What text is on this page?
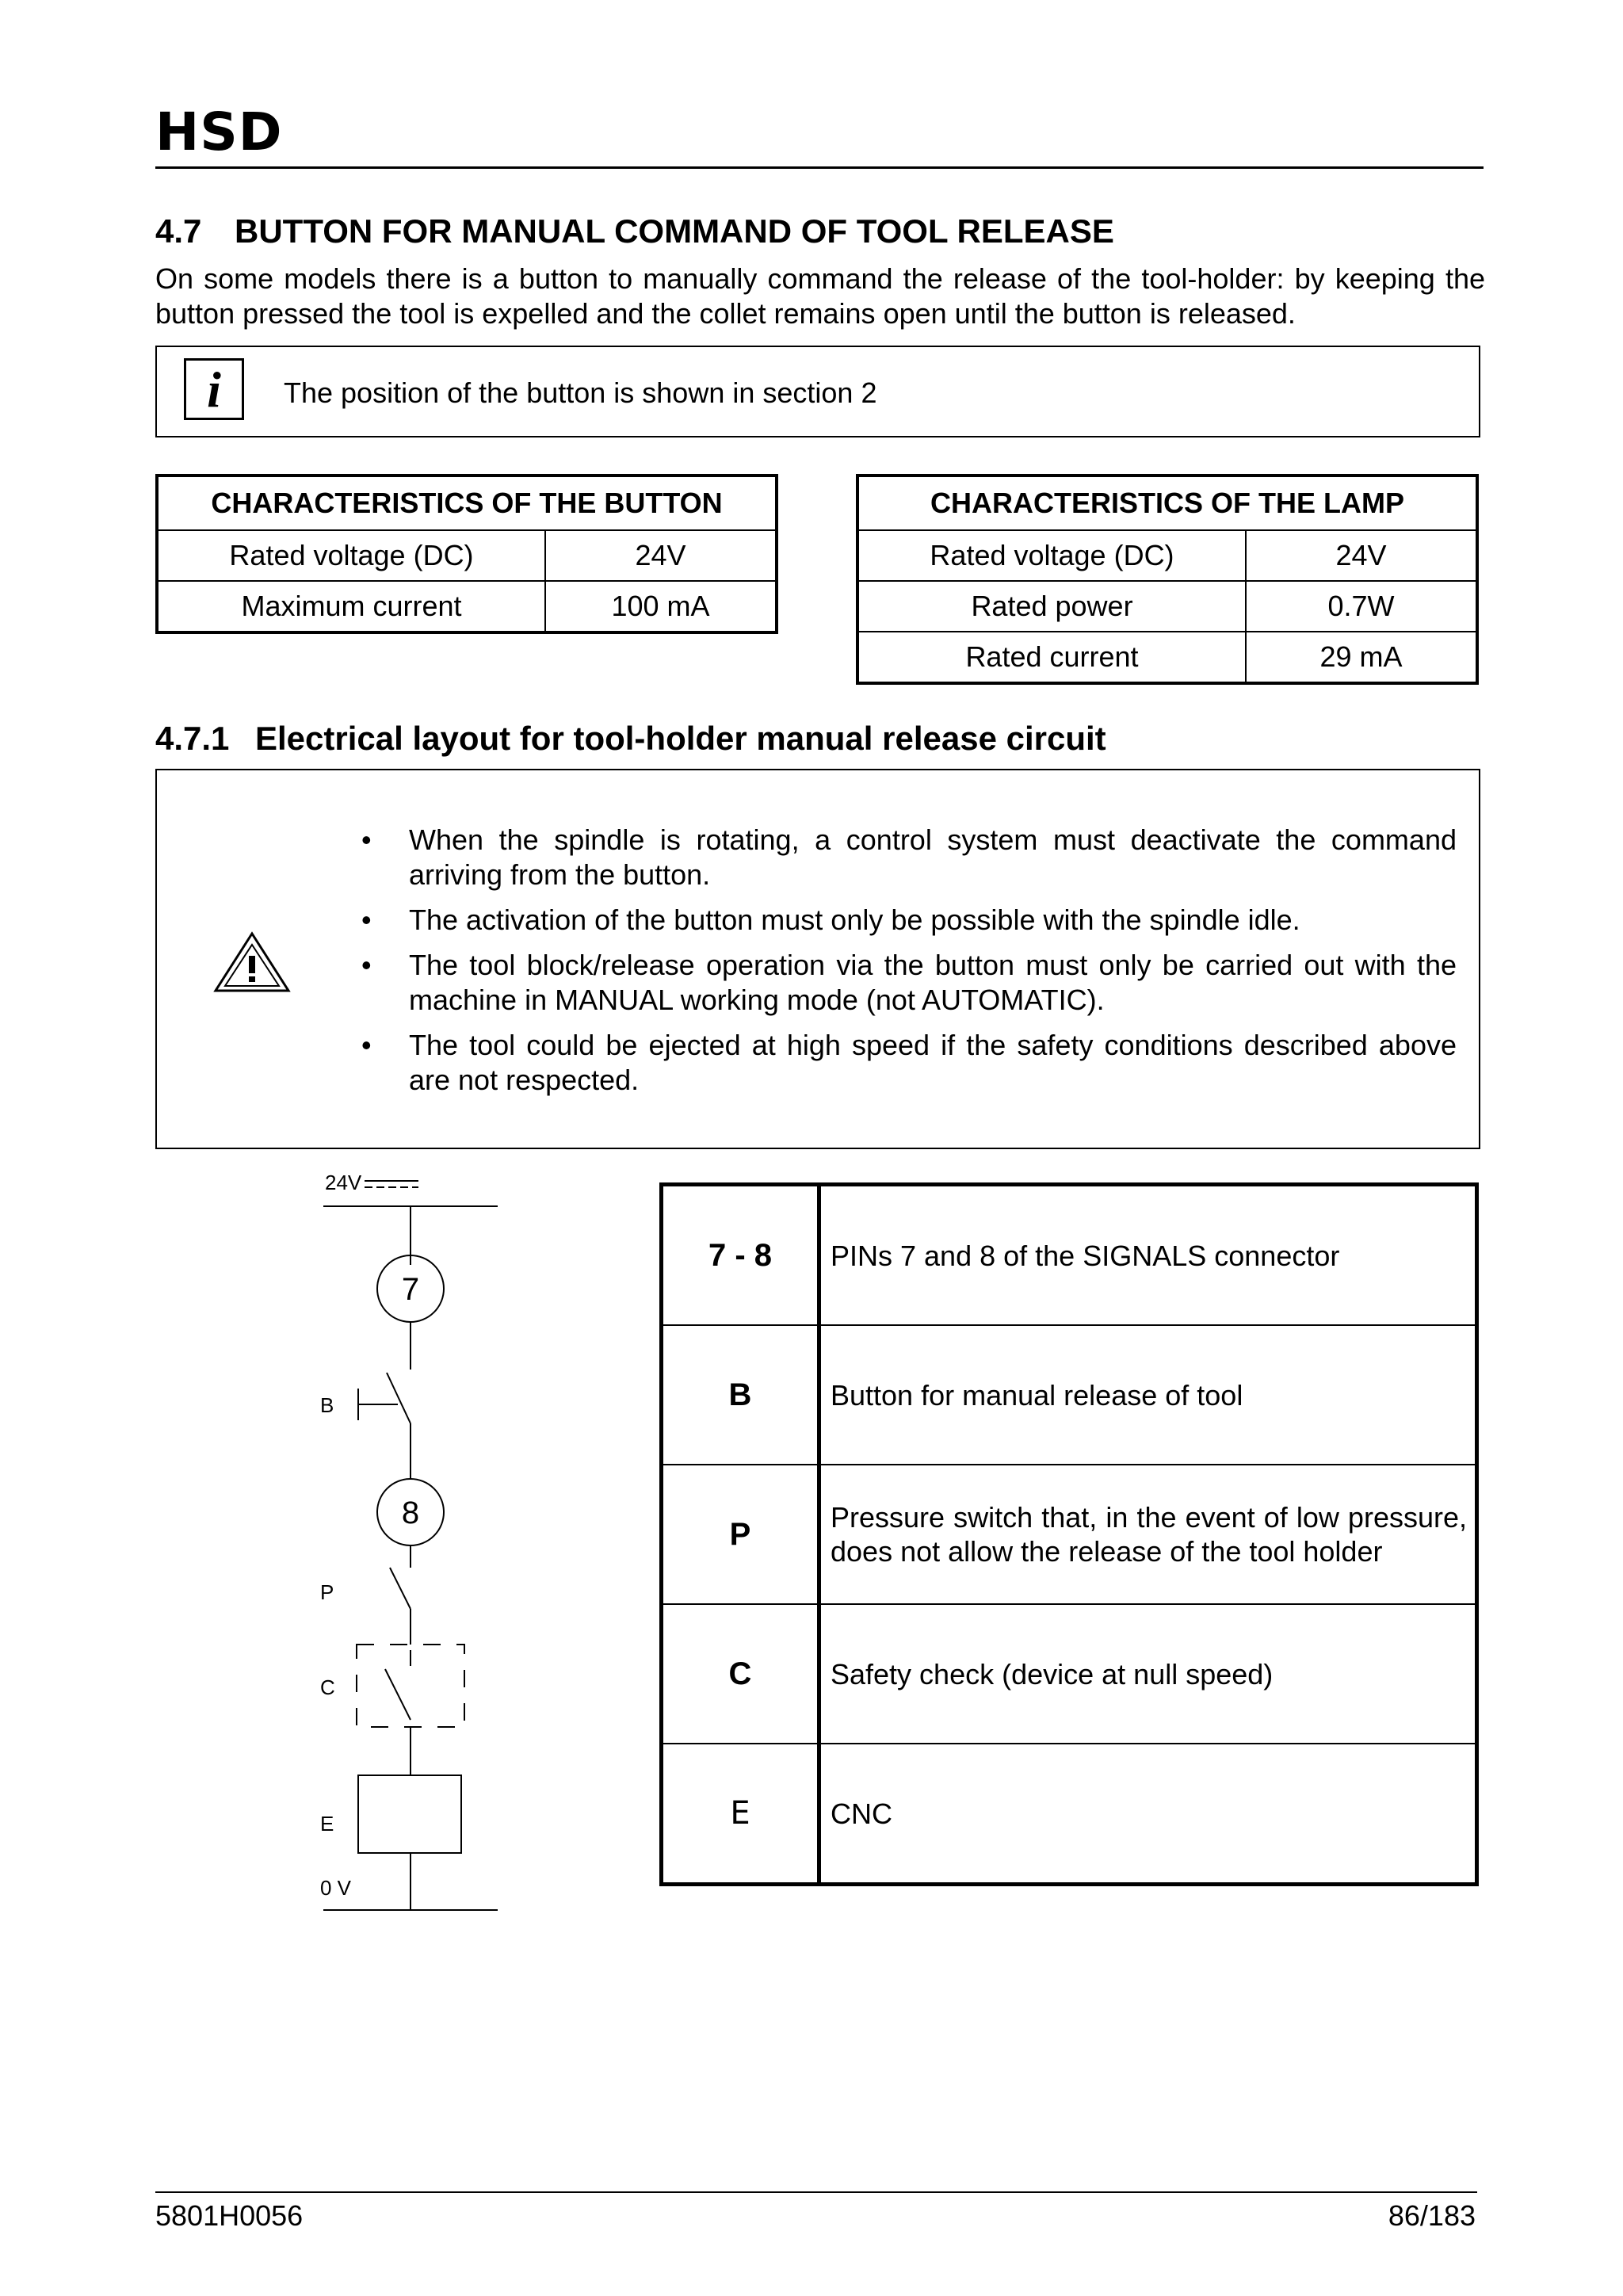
HSD
4.7 BUTTON FOR MANUAL COMMAND OF TOOL RELEASE
On some models there is a button to manually command the release of the tool-holder: by keeping the button pressed the tool is expelled and the collet remains open until the button is released.
i	The position of the button is shown in section 2
CHARACTERISTICS OF THE BUTTON	
Rated voltage (DC)	24V
Maximum current	100 mA
CHARACTERISTICS OF THE LAMP	
Rated voltage (DC)	24V
Rated power	0.7W
Rated current	29 mA
4.7.1 Electrical layout for tool-holder manual release circuit
• When the spindle is rotating, a control system must deactivate the command arriving from the button.
• The activation of the button must only be possible with the spindle idle.
• The tool block/release operation via the button must only be carried out with the machine in MANUAL working mode (not AUTOMATIC).
• The tool could be ejected at high speed if the safety conditions described above are not respected.
24V
7
B
8
P
C
E
0 V
7 - 8	PINs 7 and 8 of the SIGNALS connector
B	Button for manual release of tool
P	Pressure switch that, in the event of low pressure, does not allow the release of the tool holder
C	Safety check (device at null speed)
E	CNC
5801H0056	86/183
